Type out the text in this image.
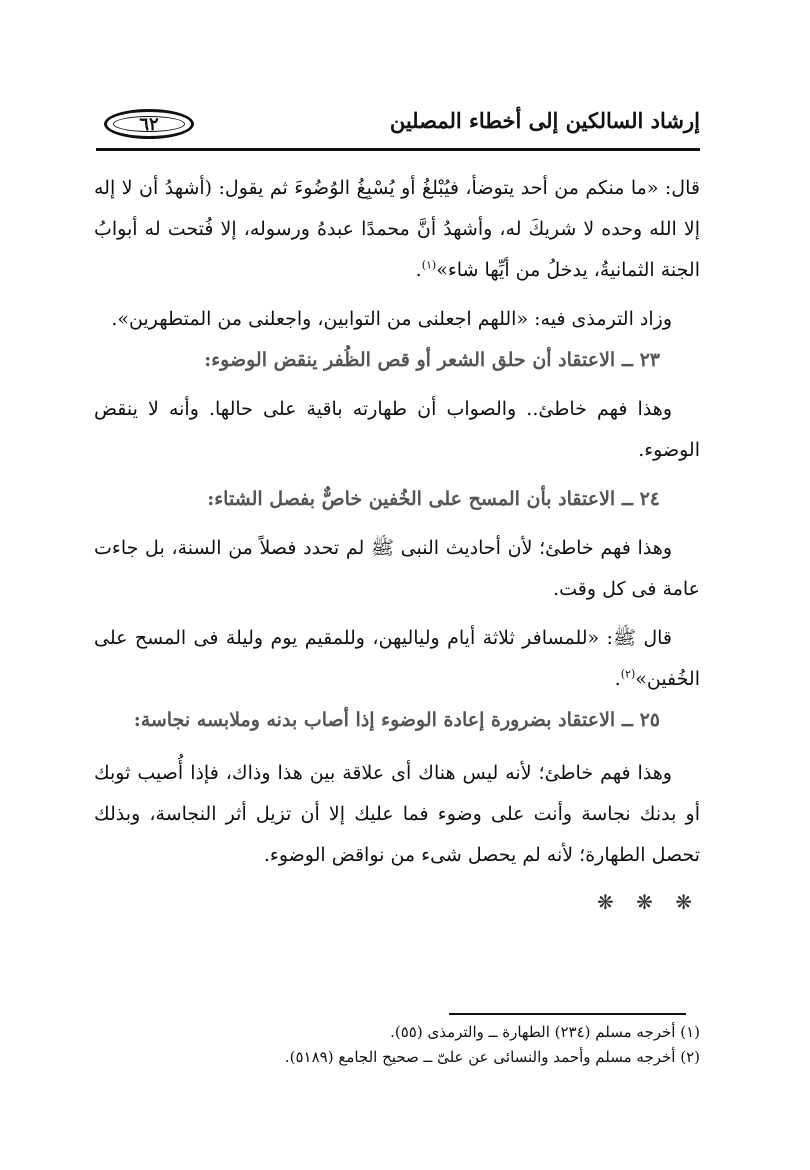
إرشاد السالكين إلى أخطاء المصلين
٦٢

قال: «ما منكم من أحد يتوضأ، فيُبْلغُ أو يُسْبِغُ الوُضُوءَ ثم يقول: (أشهدُ أن لا إله إلا الله وحده لا شريكَ له، وأشهدُ أنَّ محمدًا عبدهُ ورسوله، إلا فُتحت له أبوابُ الجنة الثمانيةُ، يدخلُ من أيِّها شاء»$^{(١)}$.

وزاد الترمذى فيه: «اللهم اجعلنى من التوابين، واجعلنى من المتطهرين».

٢٣ ــ الاعتقاد أن حلق الشعر أو قص الظُفر ينقض الوضوء:

وهذا فهم خاطئ.. والصواب أن طهارته باقية على حالها. وأنه لا ينقض الوضوء.

٢٤ ــ الاعتقاد بأن المسح على الخُفين خاصٌّ بفصل الشتاء:

وهذا فهم خاطئ؛ لأن أحاديث النبى ﷺ لم تحدد فصلاً من السنة، بل جاءت عامة فى كل وقت.

قال ﷺ: «للمسافر ثلاثة أيام ولياليهن، وللمقيم يوم وليلة فى المسح على الخُفين»$^{(٢)}$.

٢٥ ــ الاعتقاد بضرورة إعادة الوضوء إذا أصاب بدنه وملابسه نجاسة:

وهذا فهم خاطئ؛ لأنه ليس هناك أى علاقة بين هذا وذاك، فإذا أُصيب ثوبك أو بدنك نجاسة وأنت على وضوء فما عليك إلا أن تزيل أثر النجاسة، وبذلك تحصل الطهارة؛ لأنه لم يحصل شىء من نواقض الوضوء.

❋ ❋ ❋

(١) أخرجه مسلم (٢٣٤) الطهارة ــ والترمذى (٥٥).

(٢) أخرجه مسلم وأحمد والنسائى عن علىّ ــ صحيح الجامع (٥١٨٩).
